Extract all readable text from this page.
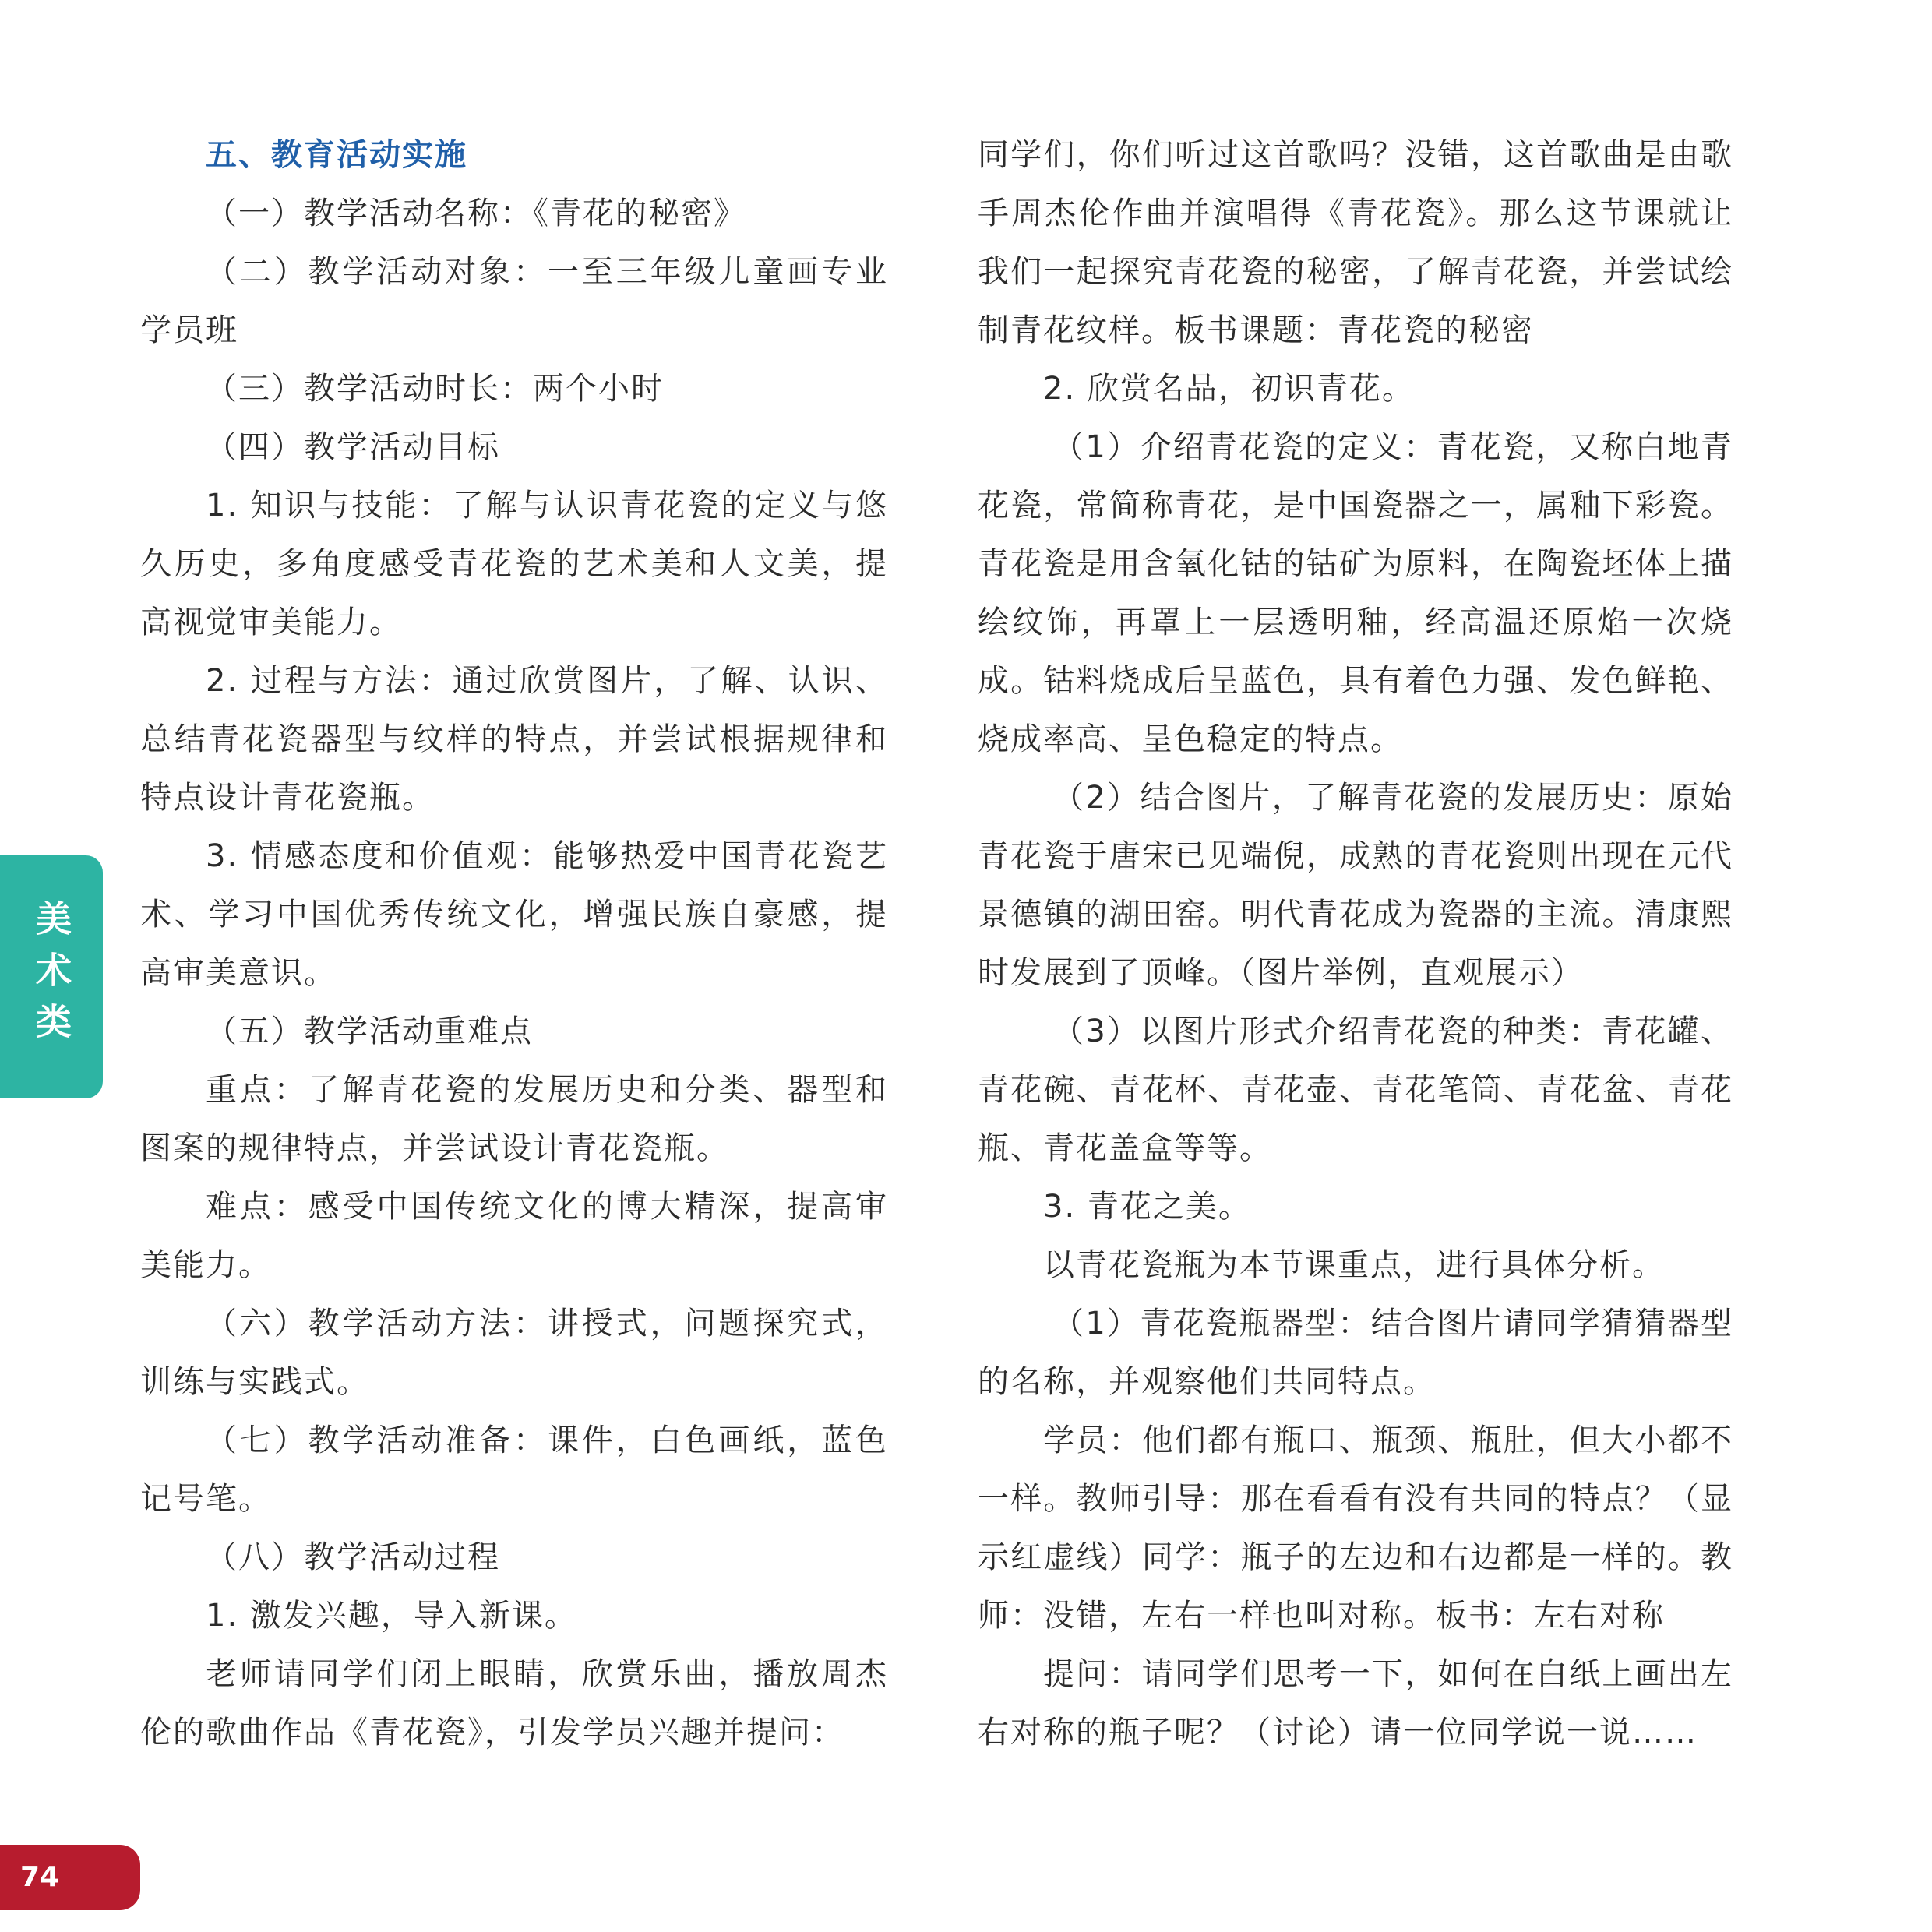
五、教育活动实施

（一）教学活动名称：《青花的秘密》

（二）教学活动对象：一至三年级儿童画专业学员班

（三）教学活动时长：两个小时

（四）教学活动目标

1. 知识与技能：了解与认识青花瓷的定义与悠久历史，多角度感受青花瓷的艺术美和人文美，提高视觉审美能力。

2. 过程与方法：通过欣赏图片，了解、认识、总结青花瓷器型与纹样的特点，并尝试根据规律和特点设计青花瓷瓶。

3. 情感态度和价值观：能够热爱中国青花瓷艺术、学习中国优秀传统文化，增强民族自豪感，提高审美意识。

（五）教学活动重难点

重点：了解青花瓷的发展历史和分类、器型和图案的规律特点，并尝试设计青花瓷瓶。

难点：感受中国传统文化的博大精深，提高审美能力。

（六）教学活动方法：讲授式，问题探究式，训练与实践式。

（七）教学活动准备：课件，白色画纸，蓝色记号笔。

（八）教学活动过程

1. 激发兴趣，导入新课。

老师请同学们闭上眼睛，欣赏乐曲，播放周杰伦的歌曲作品《青花瓷》，引发学员兴趣并提问：

同学们，你们听过这首歌吗？没错，这首歌曲是由歌手周杰伦作曲并演唱得《青花瓷》。那么这节课就让我们一起探究青花瓷的秘密，了解青花瓷，并尝试绘制青花纹样。板书课题：青花瓷的秘密

2. 欣赏名品，初识青花。

（1）介绍青花瓷的定义：青花瓷，又称白地青花瓷，常简称青花，是中国瓷器之一，属釉下彩瓷。青花瓷是用含氧化钴的钴矿为原料，在陶瓷坯体上描绘纹饰，再罩上一层透明釉，经高温还原焰一次烧成。钴料烧成后呈蓝色，具有着色力强、发色鲜艳、烧成率高、呈色稳定的特点。

（2）结合图片，了解青花瓷的发展历史：原始青花瓷于唐宋已见端倪，成熟的青花瓷则出现在元代景德镇的湖田窑。明代青花成为瓷器的主流。清康熙时发展到了顶峰。（图片举例，直观展示）

（3）以图片形式介绍青花瓷的种类：青花罐、青花碗、青花杯、青花壶、青花笔筒、青花盆、青花瓶、青花盖盒等等。

3. 青花之美。

以青花瓷瓶为本节课重点，进行具体分析。

（1）青花瓷瓶器型：结合图片请同学猜猜器型的名称，并观察他们共同特点。

学员：他们都有瓶口、瓶颈、瓶肚，但大小都不一样。教师引导：那在看看有没有共同的特点？（显示红虚线）同学：瓶子的左边和右边都是一样的。教师：没错，左右一样也叫对称。板书：左右对称

提问：请同学们思考一下，如何在白纸上画出左右对称的瓶子呢？（讨论）请一位同学说一说……

美术类
74
